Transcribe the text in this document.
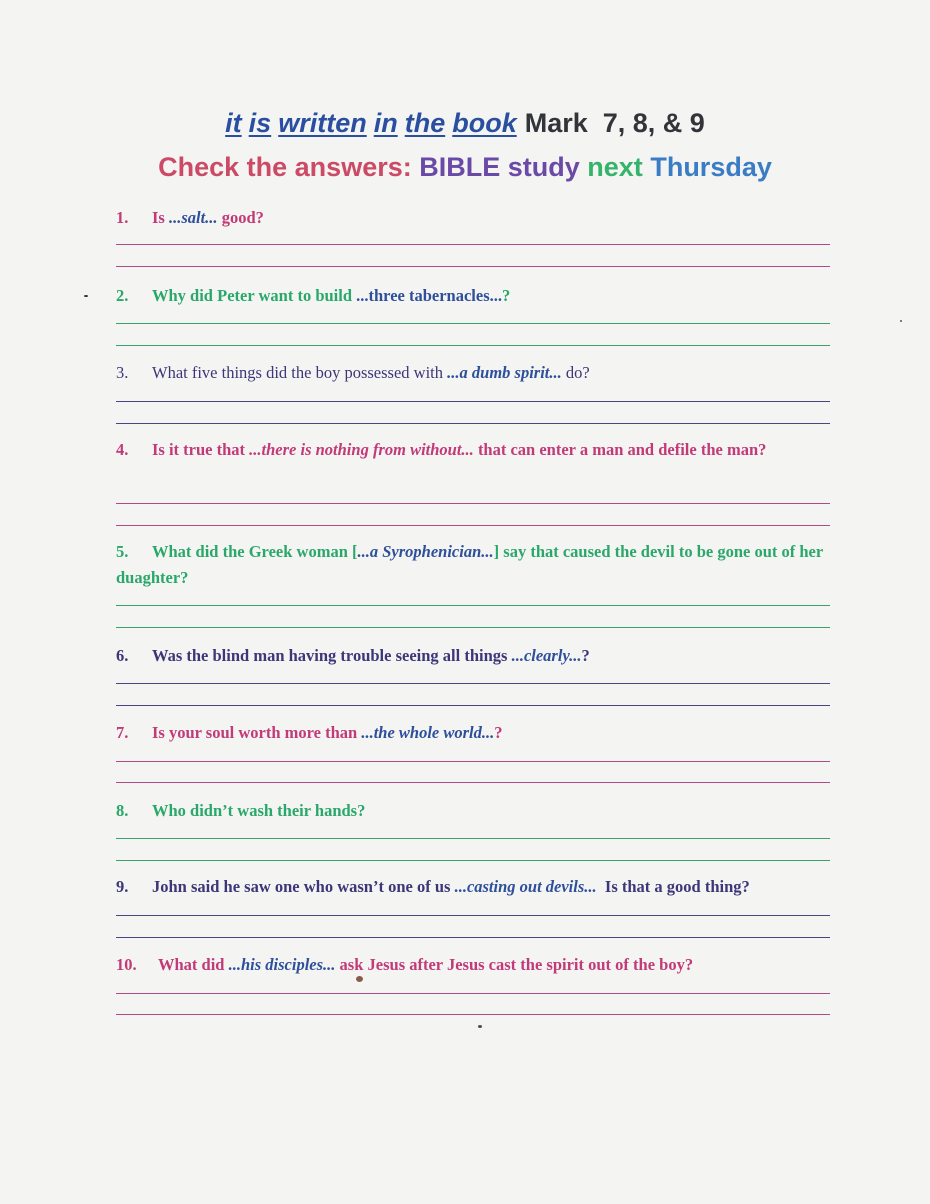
it is written in the book Mark  7, 8, & 9
Check the answers: BIBLE study next Thursday
1. Is ...salt... good?
2. Why did Peter want to build ...three tabernacles...?
3. What five things did the boy possessed with ...a dumb spirit... do?
4. Is it true that ...there is nothing from without... that can enter a man and defile the man?
5. What did the Greek woman [...a Syrophenician...] say that caused the devil to be gone out of her duaghter?
6. Was the blind man having trouble seeing all things ...clearly...?
7. Is your soul worth more than ...the whole world...?
8. Who didn’t wash their hands?
9. John said he saw one who wasn’t one of us ...casting out devils...  Is that a good thing?
10. What did ...his disciples... ask Jesus after Jesus cast the spirit out of the boy?
